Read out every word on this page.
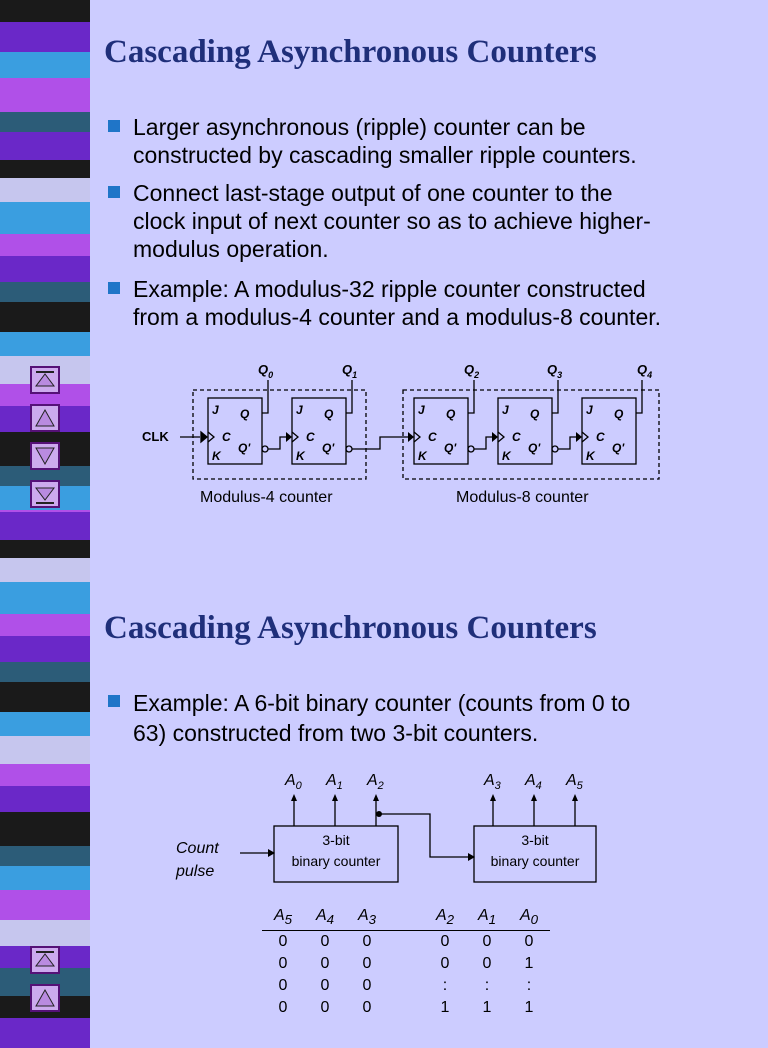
Cascading Asynchronous Counters

Larger asynchronous (ripple) counter can be
constructed by cascading smaller ripple counters.

Connect last-stage output of one counter to the
clock input of next counter so as to achieve higher-
modulus operation.

Example: A modulus-32 ripple counter constructed
from a modulus-4 counter and a modulus-8 counter.

CLK
J
C
K
Q
Q'
J
C
K
Q
Q'
J
C
K
Q
Q'
J
C
K
Q
Q'
J
C
K
Q
Q'
$Q_0$	$Q_1$	$Q_2$	$Q_3$	$Q_4$
Modulus-4 counter	Modulus-8 counter
Cascading Asynchronous Counters

Example: A 6-bit binary counter (counts from 0 to
63) constructed from two 3-bit counters.

Count
pulse
3-bit
binary counter
3-bit
binary counter
$A_0$ $A_1$ $A_2$	$A_3$ $A_4$ $A_5$
$A_5$	$A_4$	$A_3$		$A_2$	$A_1$	$A_0$
0	0	0		0	0	0
0	0	0		0	0	1
0	0	0		:	:	:
0	0	0		1	1	1
